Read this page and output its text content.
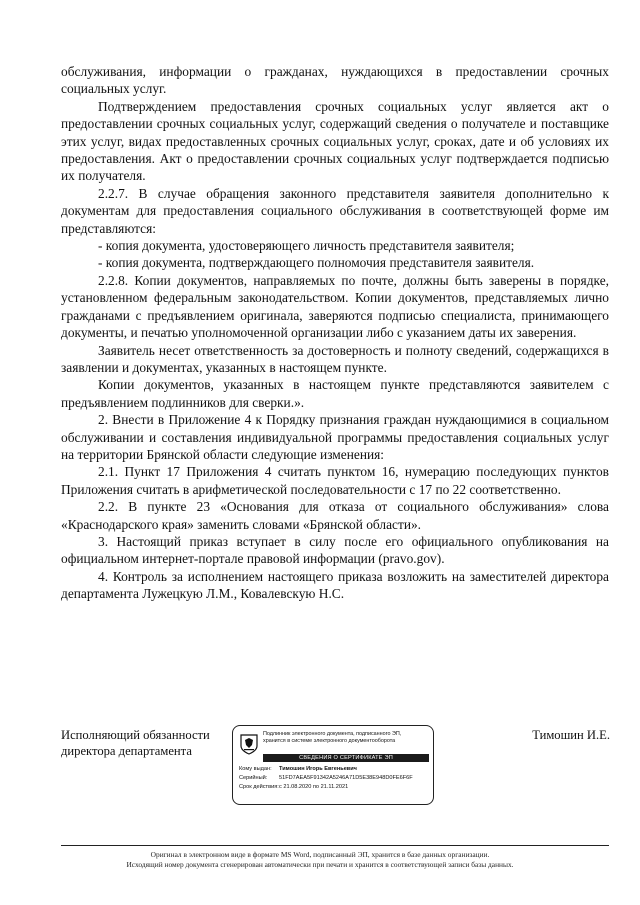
обслуживания, информации о гражданах, нуждающихся в предоставлении срочных социальных услуг.

Подтверждением предоставления срочных социальных услуг является акт о предоставлении срочных социальных услуг, содержащий сведения о получателе и поставщике этих услуг, видах предоставленных срочных социальных услуг, сроках, дате и об условиях их предоставления. Акт о предоставлении срочных социальных услуг подтверждается подписью их получателя.

2.2.7. В случае обращения законного представителя заявителя дополнительно к документам для предоставления социального обслуживания в соответствующей форме им представляются:

- копия документа, удостоверяющего личность представителя заявителя;

- копия документа, подтверждающего полномочия представителя заявителя.

2.2.8. Копии документов, направляемых по почте, должны быть заверены в порядке, установленном федеральным законодательством. Копии документов, представляемых лично гражданами с предъявлением оригинала, заверяются подписью специалиста, принимающего документы, и печатью уполномоченной организации либо с указанием даты их заверения.

Заявитель несет ответственность за достоверность и полноту сведений, содержащихся в заявлении и документах, указанных в настоящем пункте.

Копии документов, указанных в настоящем пункте представляются заявителем с предъявлением подлинников для сверки.».

2. Внести в Приложение 4 к Порядку признания граждан нуждающимися в социальном обслуживании и составления индивидуальной программы предоставления социальных услуг на территории Брянской области следующие изменения:

2.1. Пункт 17 Приложения 4 считать пунктом 16, нумерацию последующих пунктов Приложения считать в арифметической последовательности с 17 по 22 соответственно.

2.2. В пункте 23 «Основания для отказа от социального обслуживания» слова «Краснодарского края» заменить словами «Брянской области».

3. Настоящий приказ вступает в силу после его официального опубликования на официальном интернет-портале правовой информации (pravo.gov).

4. Контроль за исполнением настоящего приказа возложить на заместителей директора департамента Лужецкую Л.М., Ковалевскую Н.С.

Исполняющий обязанности
директора департамента
Подлинник электронного документа, подписанного ЭП,
хранится в системе электронного документооборота
СВЕДЕНИЯ О СЕРТИФИКАТЕ ЭП
Кому выдан:	Тимошин Игорь Евгеньевич
Серийный:	51FD7AEA5F91342A5246A71D5E38E948D0FE6F6F
Срок действия: с 21.08.2020 по 21.11.2021
Тимошин И.Е.
Оригинал в электронном виде в формате MS Word, подписанный ЭП, хранится в базе данных организации.
Исходящий номер документа сгенерирован автоматически при печати и хранится в соответствующей записи базы данных.
